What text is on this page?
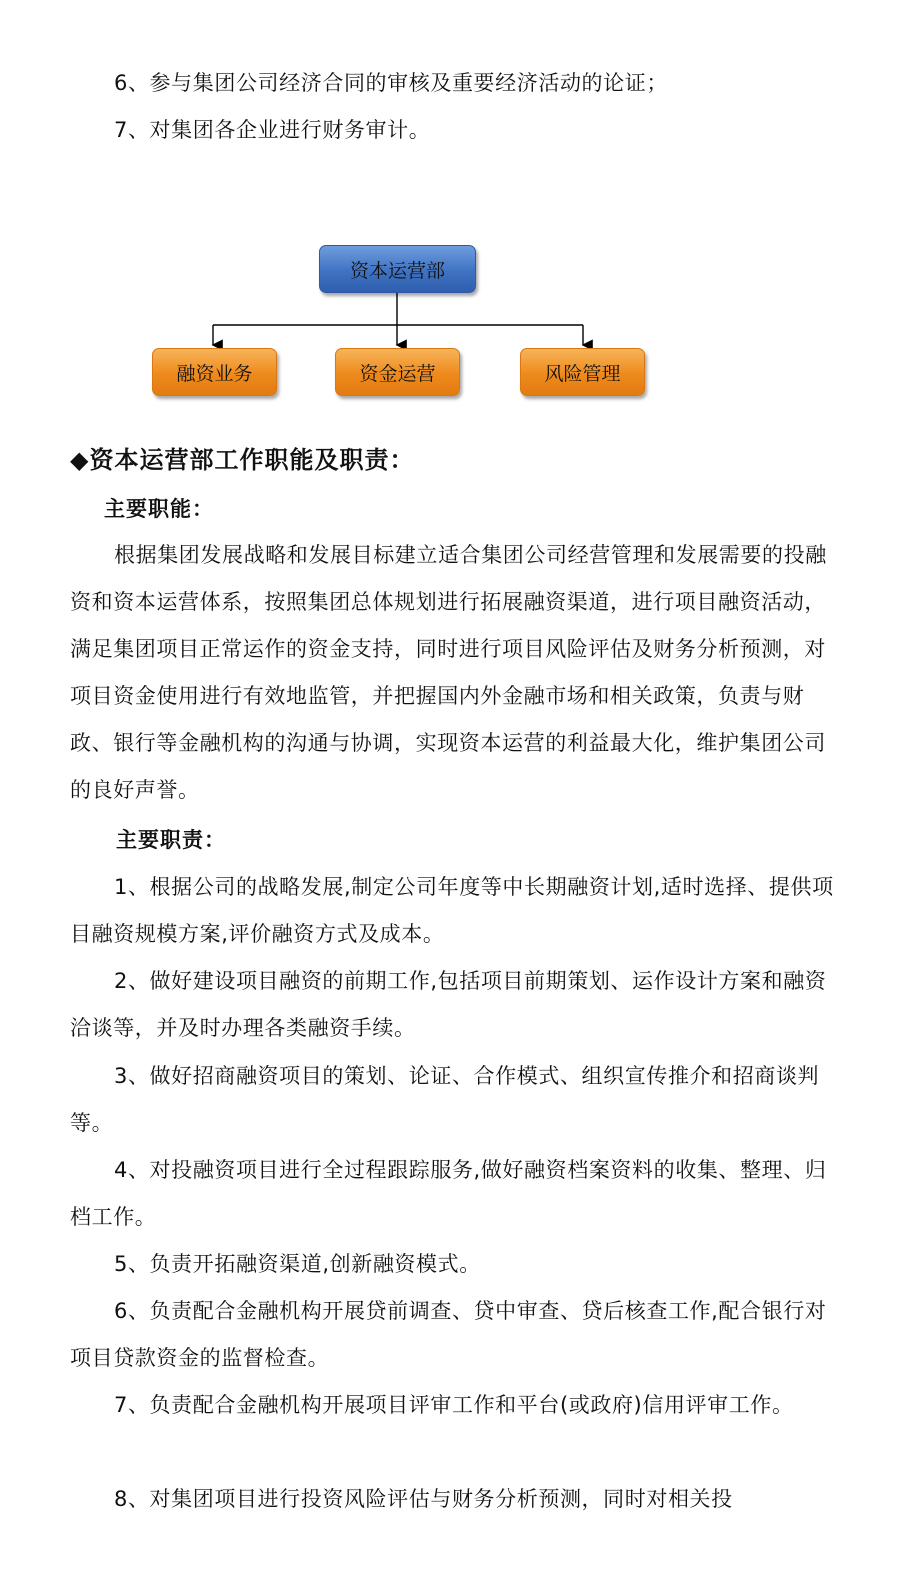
6、参与集团公司经济合同的审核及重要经济活动的论证；
7、对集团各企业进行财务审计。
资本运营部
融资业务	资金运营	风险管理
◆资本运营部工作职能及职责：
主要职能：
根据集团发展战略和发展目标建立适合集团公司经营管理和发展需要的投融资和资本运营体系，按照集团总体规划进行拓展融资渠道，进行项目融资活动，满足集团项目正常运作的资金支持，同时进行项目风险评估及财务分析预测，对项目资金使用进行有效地监管，并把握国内外金融市场和相关政策，负责与财政、银行等金融机构的沟通与协调，实现资本运营的利益最大化，维护集团公司的良好声誉。
主要职责：
1、根据公司的战略发展,制定公司年度等中长期融资计划,适时选择、提供项目融资规模方案,评价融资方式及成本。
2、做好建设项目融资的前期工作,包括项目前期策划、运作设计方案和融资洽谈等，并及时办理各类融资手续。
3、做好招商融资项目的策划、论证、合作模式、组织宣传推介和招商谈判等。
4、对投融资项目进行全过程跟踪服务,做好融资档案资料的收集、整理、归档工作。
5、负责开拓融资渠道,创新融资模式。
6、负责配合金融机构开展贷前调查、贷中审查、贷后核查工作,配合银行对项目贷款资金的监督检查。
7、负责配合金融机构开展项目评审工作和平台(或政府)信用评审工作。
8、对集团项目进行投资风险评估与财务分析预测，同时对相关投
